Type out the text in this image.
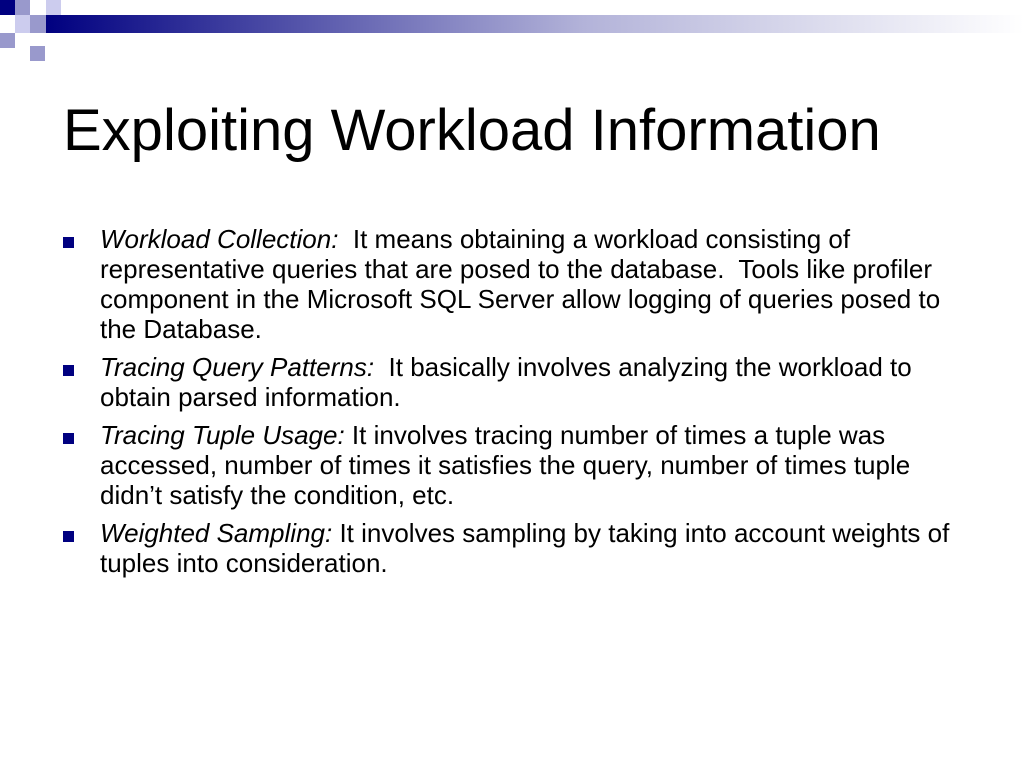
Exploiting Workload Information
Workload Collection:  It means obtaining a workload consisting of representative queries that are posed to the database.  Tools like profiler component in the Microsoft SQL Server allow logging of queries posed to the Database.
Tracing Query Patterns:  It basically involves analyzing the workload to obtain parsed information.
Tracing Tuple Usage: It involves tracing number of times a tuple was accessed, number of times it satisfies the query, number of times tuple didn’t satisfy the condition, etc.
Weighted Sampling: It involves sampling by taking into account weights of tuples into consideration.
